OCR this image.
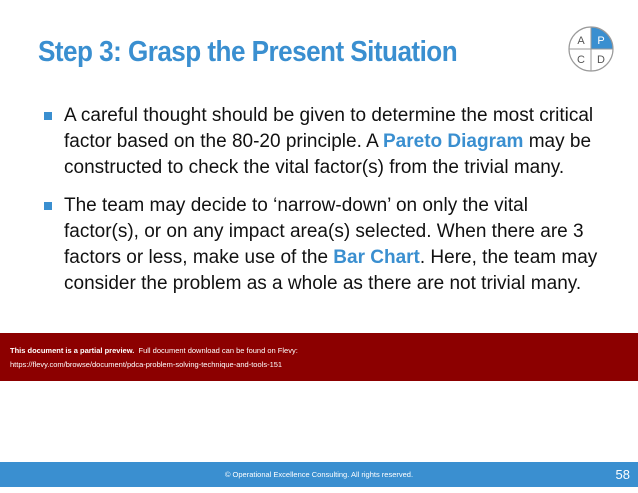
Step 3: Grasp the Present Situation	A P
C D
A careful thought should be given to determine the most critical factor based on the 80-20 principle. A Pareto Diagram may be constructed to check the vital factor(s) from the trivial many.
The team may decide to ‘narrow-down’ on only the vital factor(s), or on any impact area(s) selected. When there are 3 factors or less, make use of the Bar Chart. Here, the team may consider the problem as a whole as there are not trivial many.
This document is a partial preview. Full document download can be found on Flevy:
https://flevy.com/browse/document/pdca-problem-solving-technique-and-tools-151
© Operational Excellence Consulting. All rights reserved.	58
